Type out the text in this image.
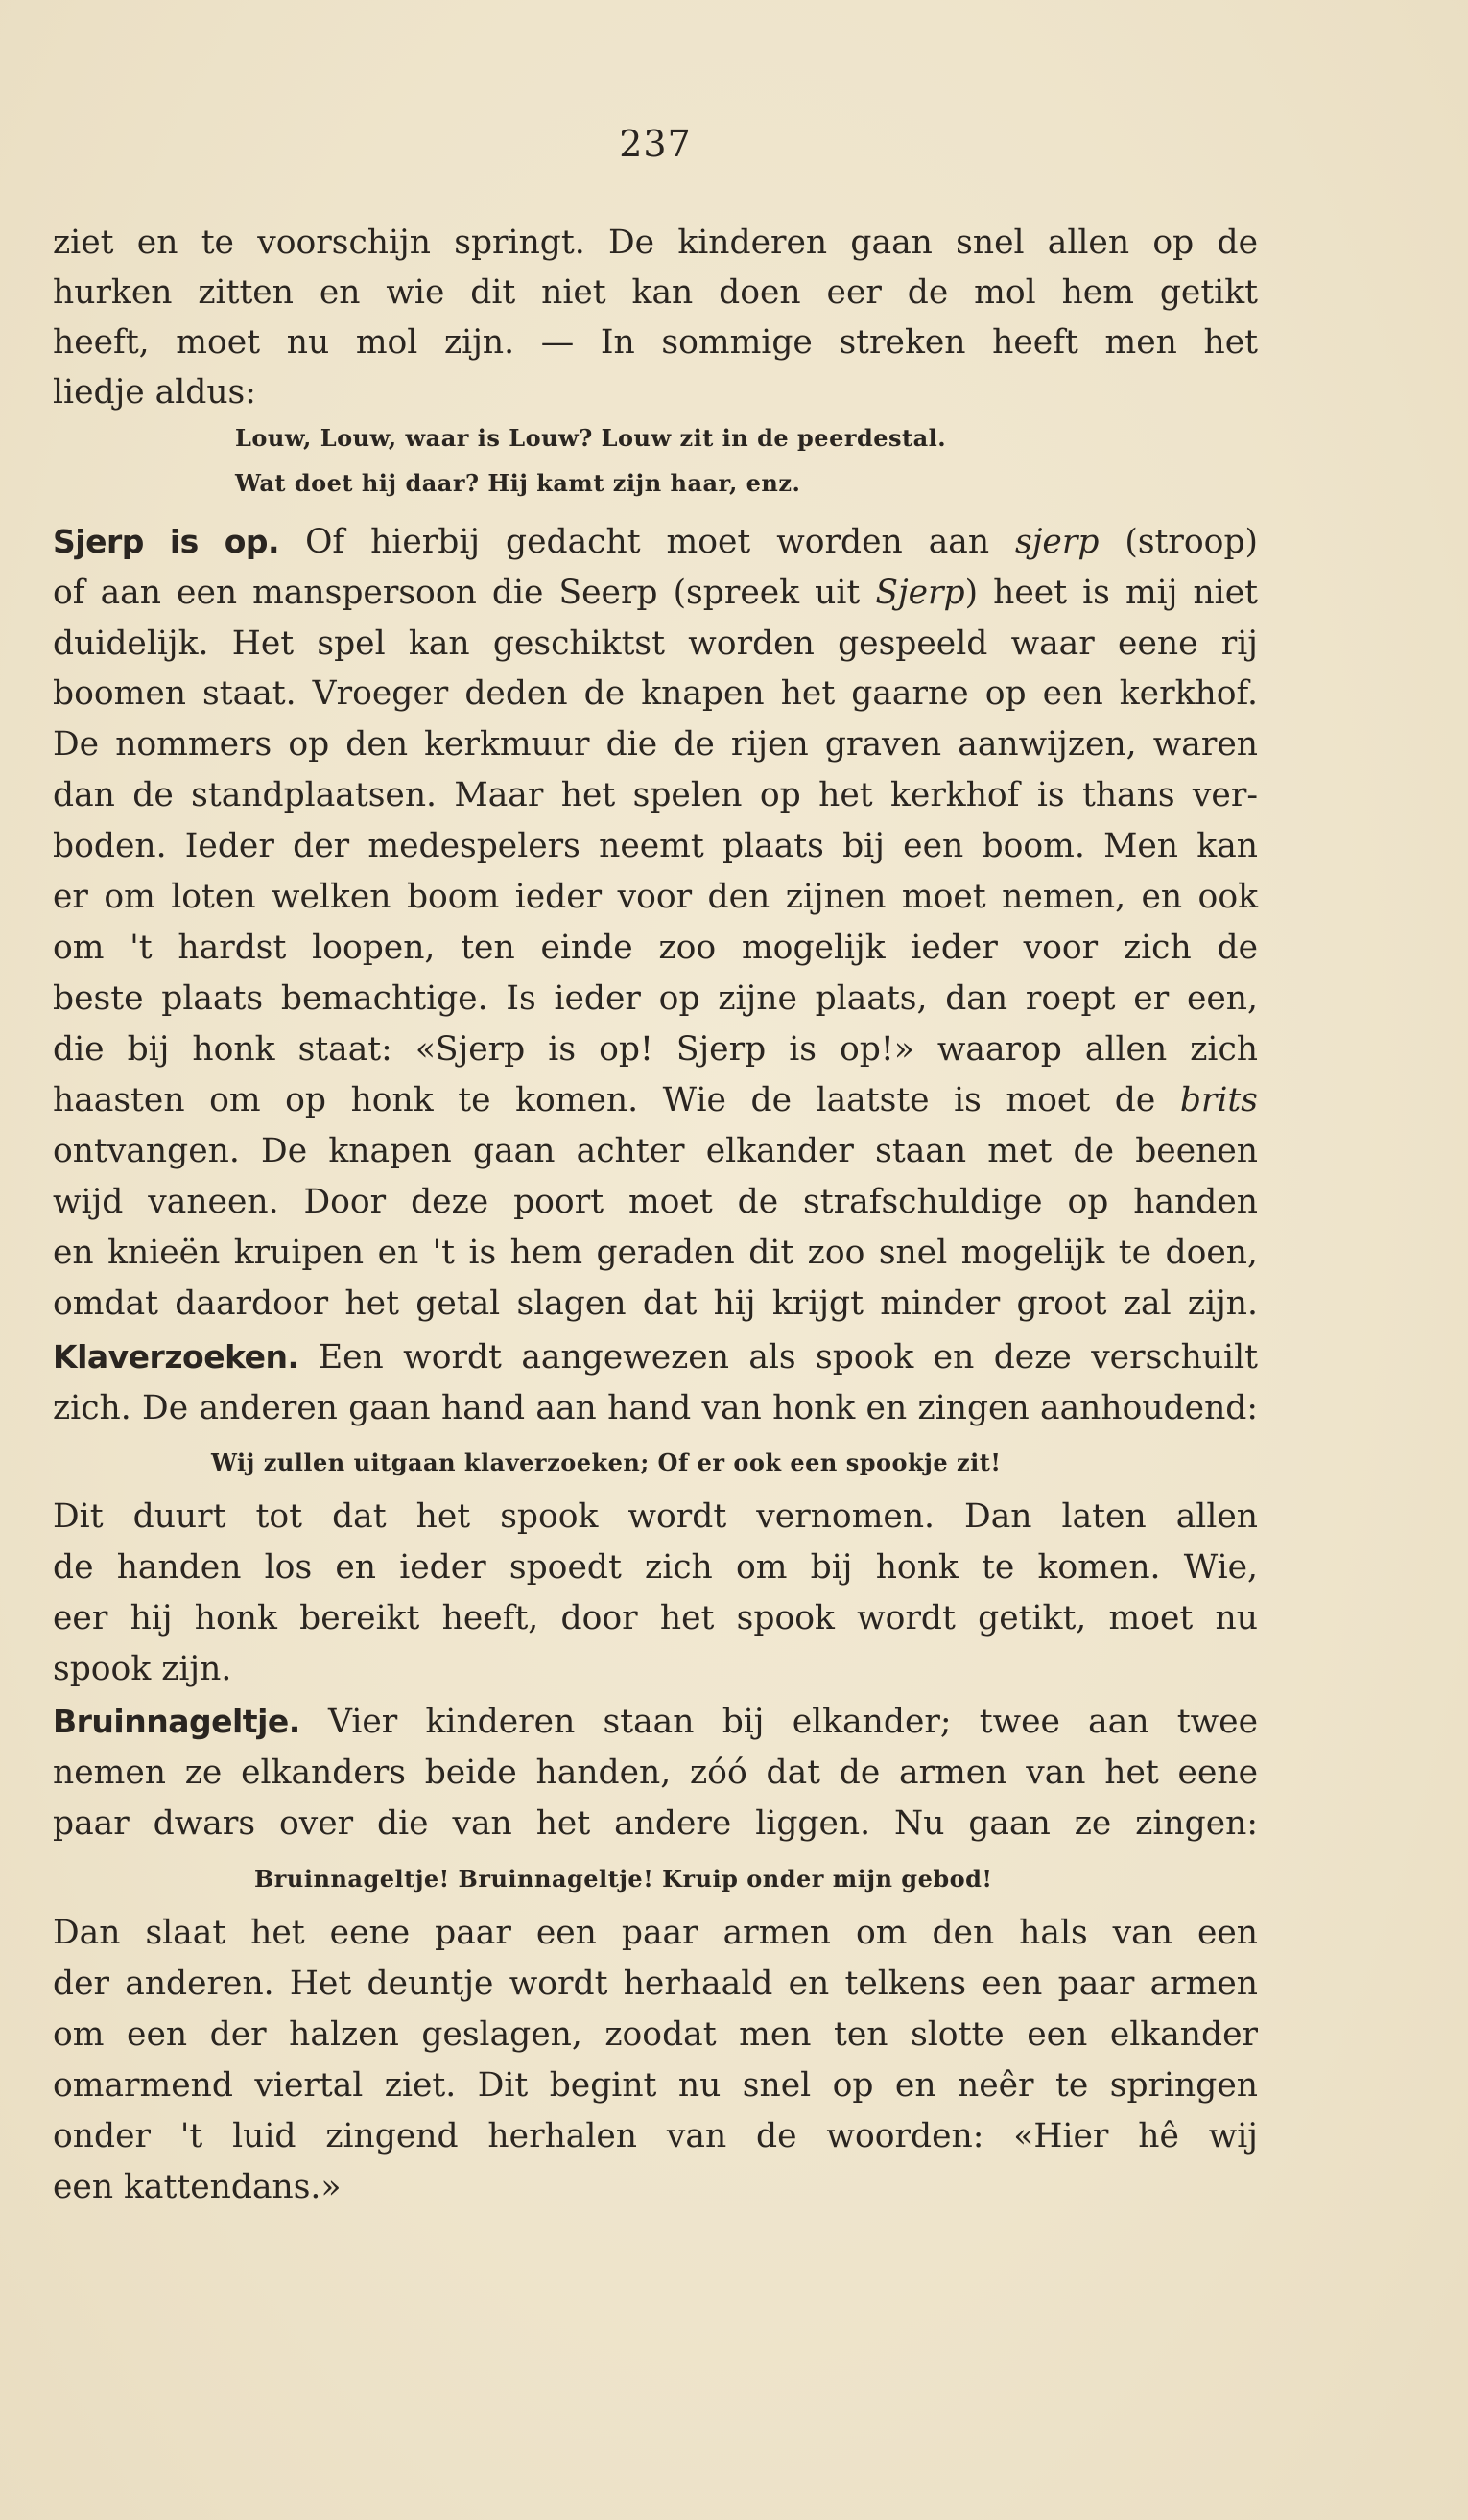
237
ziet en te voorschijn springt. De kinderen gaan snel allen op de
hurken zitten en wie dit niet kan doen eer de mol hem getikt
heeft, moet nu mol zijn. — In sommige streken heeft men het
liedje aldus:
Louw, Louw, waar is Louw? Louw zit in de peerdestal.
Wat doet hij daar? Hij kamt zijn haar, enz.
Sjerp is op. Of hierbij gedacht moet worden aan sjerp (stroop)
of aan een manspersoon die Seerp (spreek uit Sjerp) heet is mij niet
duidelijk. Het spel kan geschiktst worden gespeeld waar eene rij
boomen staat. Vroeger deden de knapen het gaarne op een kerkhof.
De nommers op den kerkmuur die de rijen graven aanwijzen, waren
dan de standplaatsen. Maar het spelen op het kerkhof is thans ver-
boden. Ieder der medespelers neemt plaats bij een boom. Men kan
er om loten welken boom ieder voor den zijnen moet nemen, en ook
om 't hardst loopen, ten einde zoo mogelijk ieder voor zich de
beste plaats bemachtige. Is ieder op zijne plaats, dan roept er een,
die bij honk staat: «Sjerp is op! Sjerp is op!» waarop allen zich
haasten om op honk te komen. Wie de laatste is moet de brits
ontvangen. De knapen gaan achter elkander staan met de beenen
wijd vaneen. Door deze poort moet de strafschuldige op handen
en knieën kruipen en 't is hem geraden dit zoo snel mogelijk te doen,
omdat daardoor het getal slagen dat hij krijgt minder groot zal zijn.
Klaverzoeken. Een wordt aangewezen als spook en deze verschuilt
zich. De anderen gaan hand aan hand van honk en zingen aanhoudend:
Wij zullen uitgaan klaverzoeken; Of er ook een spookje zit!
Dit duurt tot dat het spook wordt vernomen. Dan laten allen
de handen los en ieder spoedt zich om bij honk te komen. Wie,
eer hij honk bereikt heeft, door het spook wordt getikt, moet nu
spook zijn.
Bruinnageltje. Vier kinderen staan bij elkander; twee aan twee
nemen ze elkanders beide handen, zóó dat de armen van het eene
paar dwars over die van het andere liggen. Nu gaan ze zingen:
Bruinnageltje! Bruinnageltje! Kruip onder mijn gebod!
Dan slaat het eene paar een paar armen om den hals van een
der anderen. Het deuntje wordt herhaald en telkens een paar armen
om een der halzen geslagen, zoodat men ten slotte een elkander
omarmend viertal ziet. Dit begint nu snel op en neêr te springen
onder 't luid zingend herhalen van de woorden: «Hier hê wij
een kattendans.»
